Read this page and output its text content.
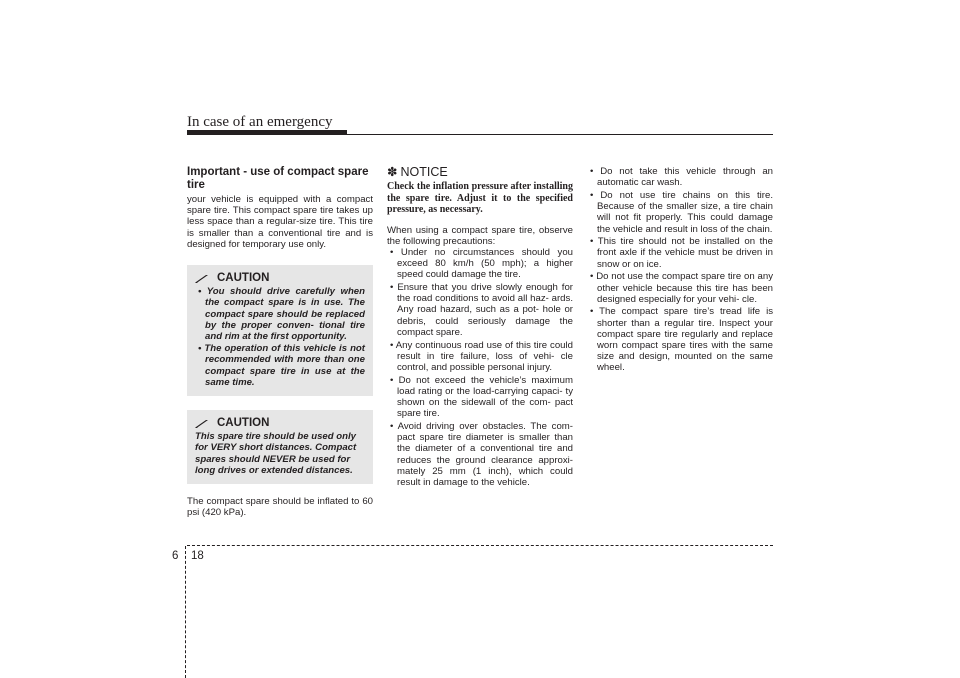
In case of an emergency
Important - use of compact spare tire
your vehicle is equipped with a compact spare tire. This compact spare tire takes up less space than a regular-size tire. This tire is smaller than a conventional tire and is designed for temporary use only.
CAUTION
• You should drive carefully when the compact spare is in use. The compact spare should be replaced by the proper conven- tional tire and rim at the first opportunity.
• The operation of this vehicle is not recommended with more than one compact spare tire in use at the same time.
CAUTION
This spare tire should be used only for VERY short distances. Compact spares should NEVER be used for long drives or extended distances.
The compact spare should be inflated to 60 psi (420 kPa).
✽ NOTICE
Check the inflation pressure after installing the spare tire. Adjust it to the specified pressure, as necessary.
When using a compact spare tire, observe the following precautions:
• Under no circumstances should you exceed 80 km/h (50 mph); a higher speed could damage the tire.
• Ensure that you drive slowly enough for the road conditions to avoid all haz- ards. Any road hazard, such as a pot- hole or debris, could seriously damage the compact spare.
• Any continuous road use of this tire could result in tire failure, loss of vehi- cle control, and possible personal injury.
• Do not exceed the vehicle’s maximum load rating or the load-carrying capaci- ty shown on the sidewall of the com- pact spare tire.
• Avoid driving over obstacles. The com- pact spare tire diameter is smaller than the diameter of a conventional tire and reduces the ground clearance approxi- mately 25 mm (1 inch), which could result in damage to the vehicle.
• Do not take this vehicle through an automatic car wash.
• Do not use tire chains on this tire. Because of the smaller size, a tire chain will not fit properly. This could damage the vehicle and result in loss of the chain.
• This tire should not be installed on the front axle if the vehicle must be driven in snow or on ice.
• Do not use the compact spare tire on any other vehicle because this tire has been designed especially for your vehi- cle.
• The compact spare tire’s tread life is shorter than a regular tire. Inspect your compact spare tire regularly and replace worn compact spare tires with the same size and design, mounted on the same wheel.
6 18
